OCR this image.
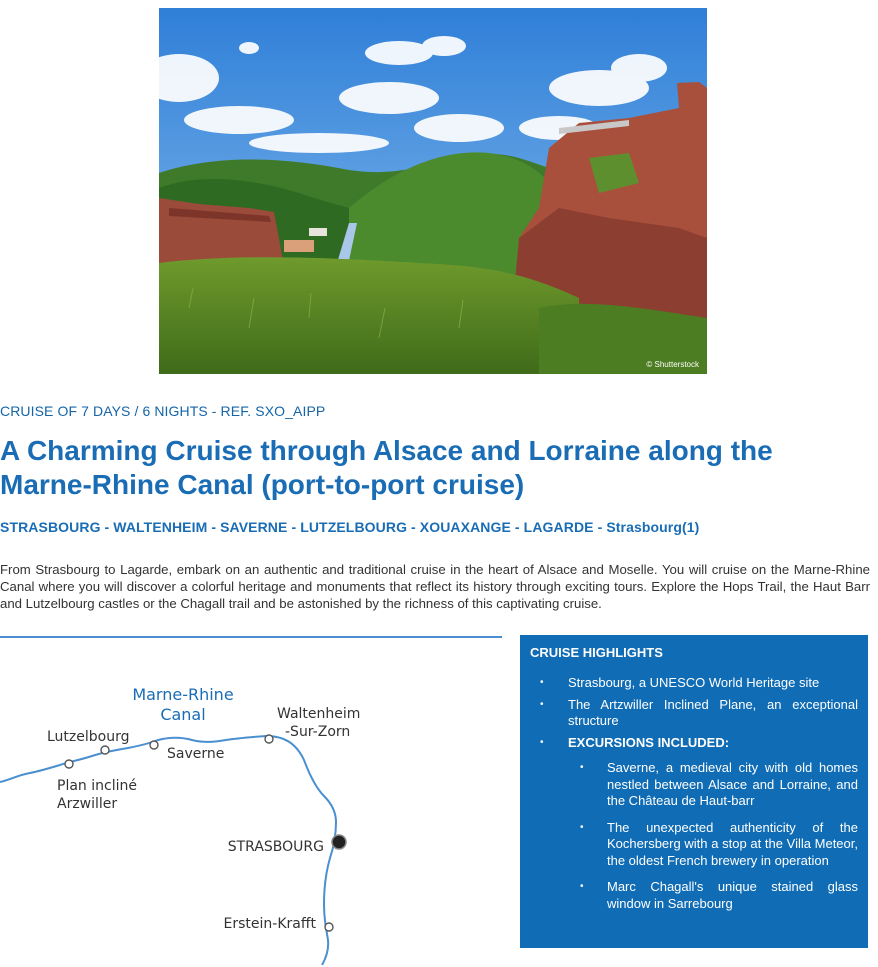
© Shutterstock
CRUISE OF 7 DAYS / 6 NIGHTS - REF. SXO_AIPP
A Charming Cruise through Alsace and Lorraine along the Marne-Rhine Canal (port-to-port cruise)
STRASBOURG - WALTENHEIM - SAVERNE - LUTZELBOURG - XOUAXANGE - LAGARDE - Strasbourg(1)

From Strasbourg to Lagarde, embark on an authentic and traditional cruise in the heart of Alsace and Moselle. You will cruise on the Marne-Rhine Canal where you will discover a colorful heritage and monuments that reflect its history through exciting tours. Explore the Hops Trail, the Haut Barr and Lutzelbourg castles or the Chagall trail and be astonished by the richness of this captivating cruise.

Marne-Rhine
Canal
Lutzelbourg
Saverne
Waltenheim
-Sur-Zorn
Plan incliné
Arzwiller
STRASBOURG
Erstein-Krafft
CRUISE HIGHLIGHTS
• Strasbourg, a UNESCO World Heritage site
• The Artzwiller Inclined Plane, an exceptional structure
• EXCURSIONS INCLUDED:
• Saverne, a medieval city with old homes nestled between Alsace and Lorraine, and the Château de Haut-barr
• The unexpected authenticity of the Kochersberg with a stop at the Villa Meteor, the oldest French brewery in operation
• Marc Chagall's unique stained glass window in Sarrebourg
